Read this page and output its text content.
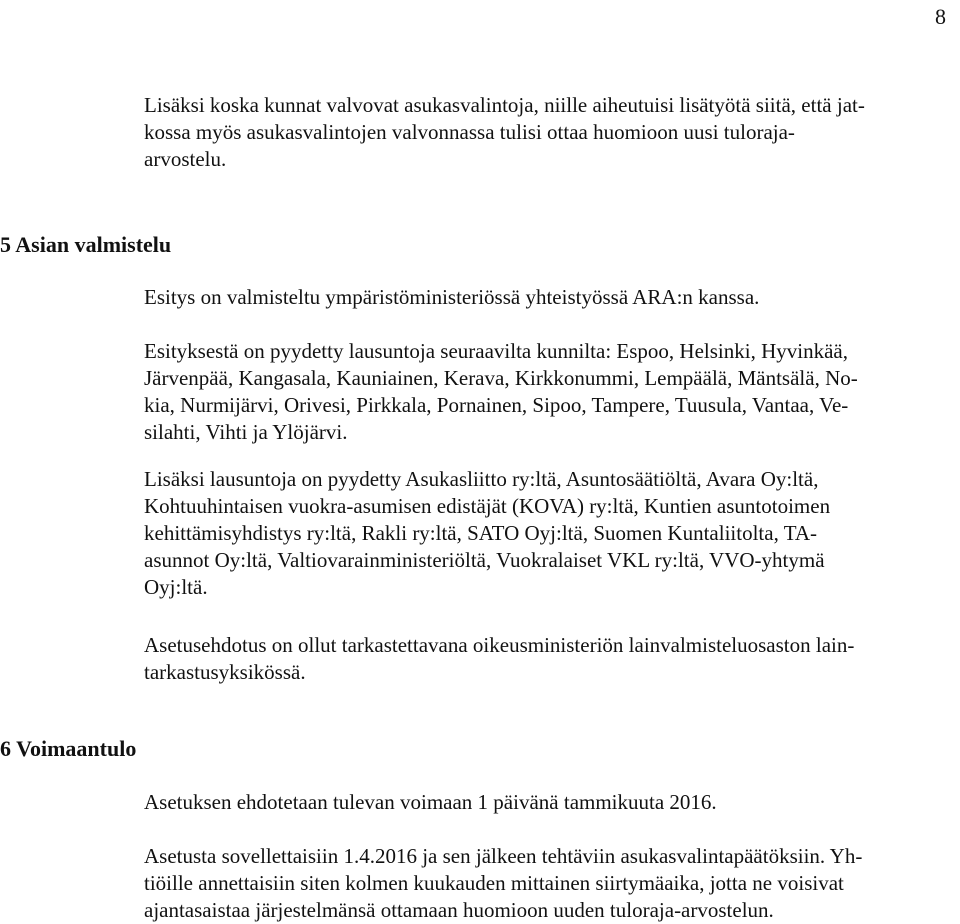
8

Lisäksi koska kunnat valvovat asukasvalintoja, niille aiheutuisi lisätyötä siitä, että jat-
kossa myös asukasvalintojen valvonnassa tulisi ottaa huomioon uusi tuloraja-
arvostelu.

5 Asian valmistelu

Esitys on valmisteltu ympäristöministeriössä yhteistyössä ARA:n kanssa.

Esityksestä on pyydetty lausuntoja seuraavilta kunnilta: Espoo, Helsinki, Hyvinkää,
Järvenpää, Kangasala, Kauniainen, Kerava, Kirkkonummi, Lempäälä, Mäntsälä, No-
kia, Nurmijärvi, Orivesi, Pirkkala, Pornainen, Sipoo, Tampere, Tuusula, Vantaa, Ve-
silahti, Vihti ja Ylöjärvi.

Lisäksi lausuntoja on pyydetty Asukasliitto ry:ltä, Asuntosäätiöltä, Avara Oy:ltä,
Kohtuuhintaisen vuokra-asumisen edistäjät (KOVA) ry:ltä, Kuntien asuntotoimen
kehittämisyhdistys ry:ltä, Rakli ry:ltä, SATO Oyj:ltä, Suomen Kuntaliitolta, TA-
asunnot Oy:ltä, Valtiovarainministeriöltä, Vuokralaiset VKL ry:ltä, VVO-yhtymä
Oyj:ltä.

Asetusehdotus on ollut tarkastettavana oikeusministeriön lainvalmisteluosaston lain-
tarkastusyksikössä.

6 Voimaantulo

Asetuksen ehdotetaan tulevan voimaan 1 päivänä tammikuuta 2016.

Asetusta sovellettaisiin 1.4.2016 ja sen jälkeen tehtäviin asukasvalintapäätöksiin. Yh-
tiöille annettaisiin siten kolmen kuukauden mittainen siirtymäaika, jotta ne voisivat
ajantasaistaa järjestelmänsä ottamaan huomioon uuden tuloraja-arvostelun.
